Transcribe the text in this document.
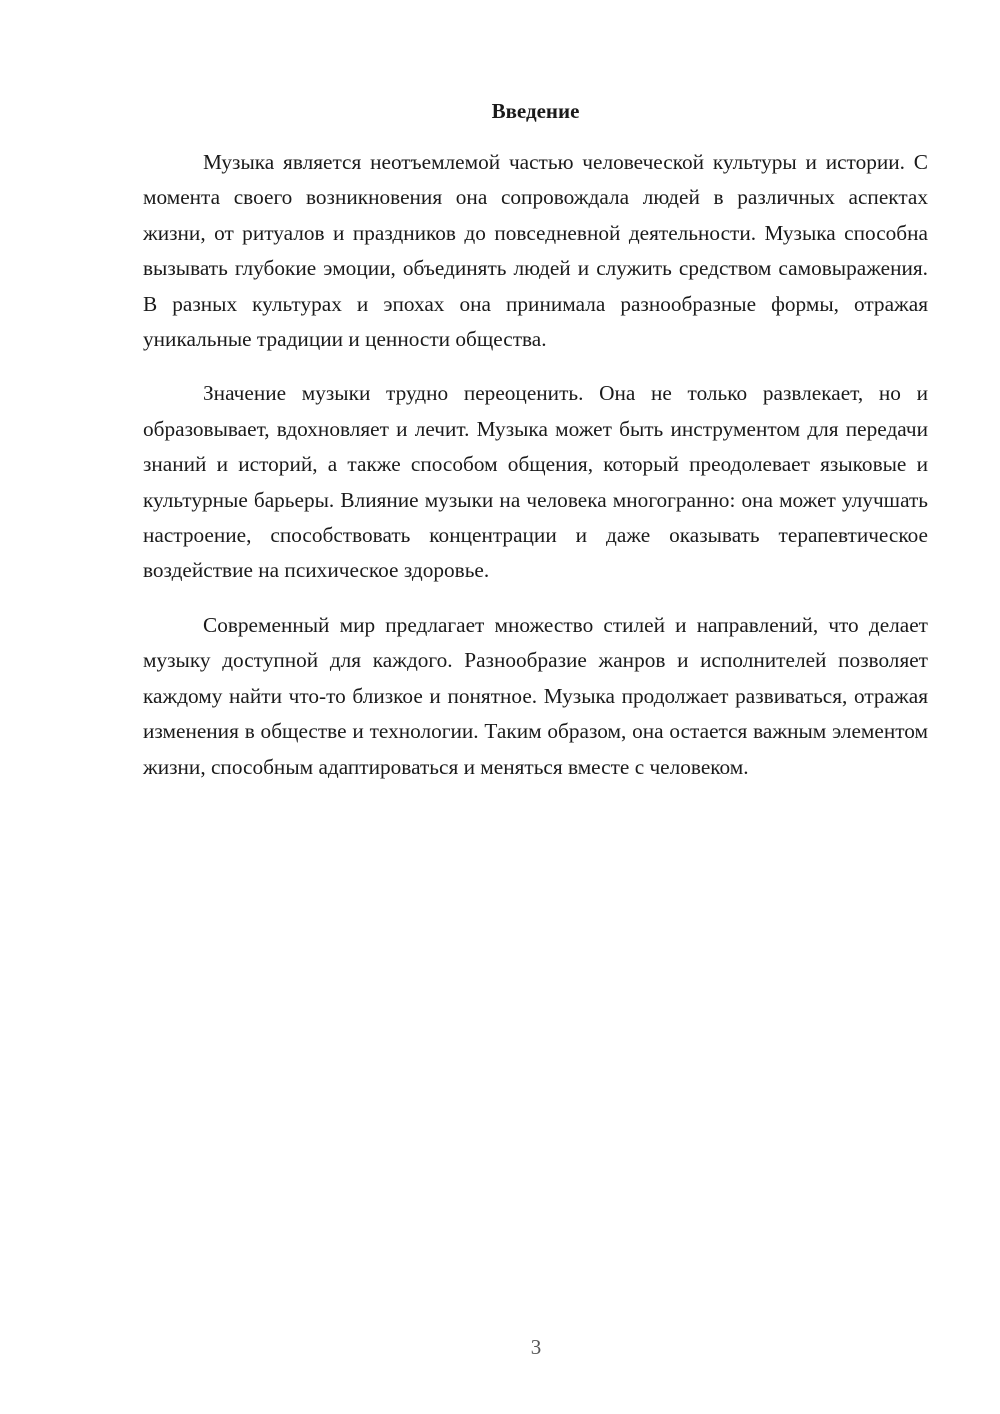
Введение

Музыка является неотъемлемой частью человеческой культуры и истории. С момента своего возникновения она сопровождала людей в различных аспектах жизни, от ритуалов и праздников до повседневной деятельности. Музыка способна вызывать глубокие эмоции, объединять людей и служить средством самовыражения. В разных культурах и эпохах она принимала разнообразные формы, отражая уникальные традиции и ценности общества.

Значение музыки трудно переоценить. Она не только развлекает, но и образовывает, вдохновляет и лечит. Музыка может быть инструментом для передачи знаний и историй, а также способом общения, который преодолевает языковые и культурные барьеры. Влияние музыки на человека многогранно: она может улучшать настроение, способствовать концентрации и даже оказывать терапевтическое воздействие на психическое здоровье.

Современный мир предлагает множество стилей и направлений, что делает музыку доступной для каждого. Разнообразие жанров и исполнителей позволяет каждому найти что-то близкое и понятное. Музыка продолжает развиваться, отражая изменения в обществе и технологии. Таким образом, она остается важным элементом жизни, способным адаптироваться и меняться вместе с человеком.

3
